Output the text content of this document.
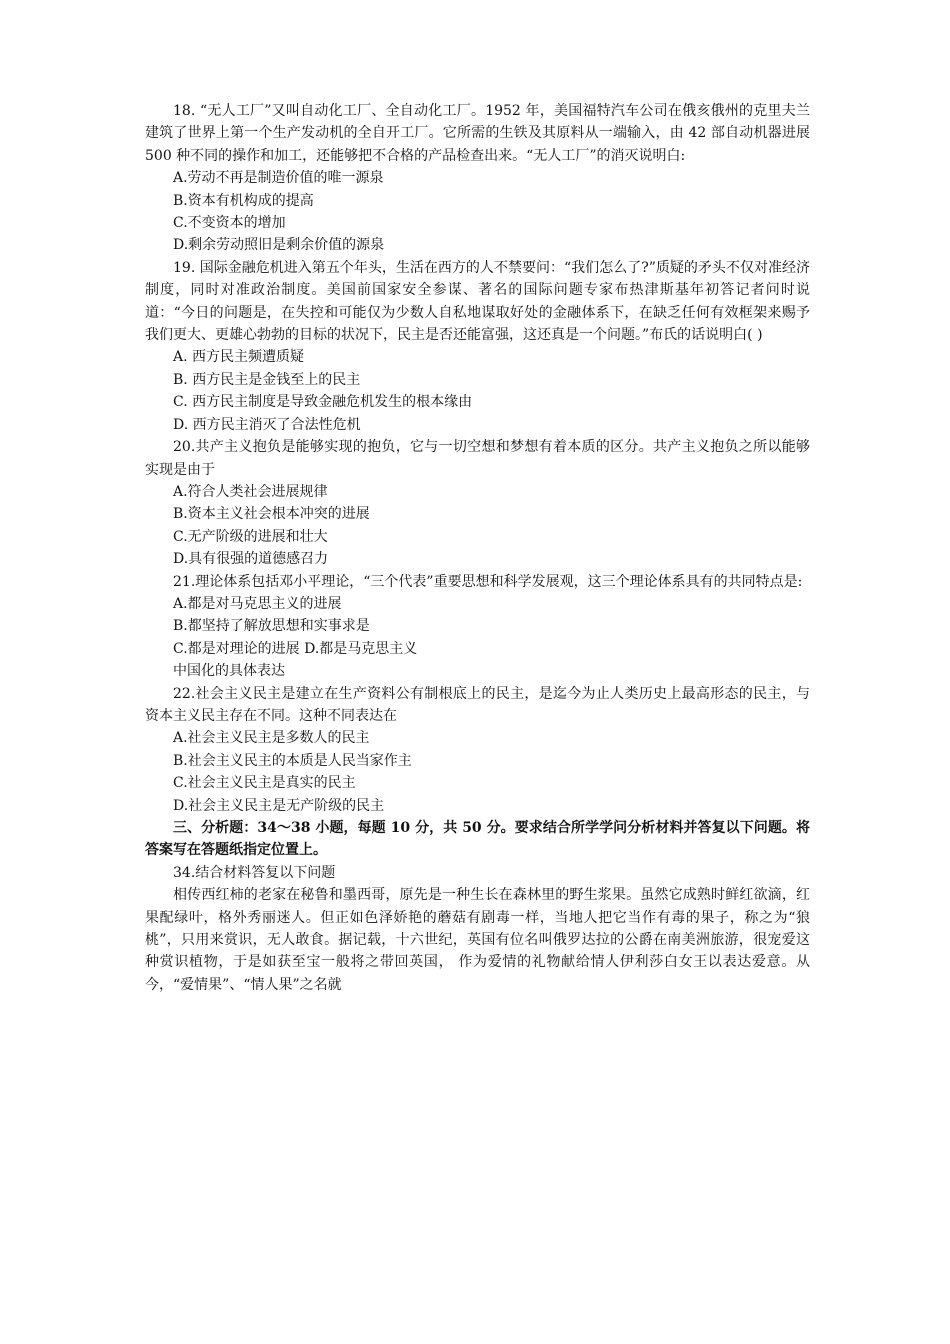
18. “无人工厂”又叫自动化工厂、全自动化工厂。1952 年，美国福特汽车公司在俄亥俄州的克里夫兰建筑了世界上第一个生产发动机的全自开工厂。它所需的生铁及其原料从一端输入，由 42 部自动机器进展 500 种不同的操作和加工，还能够把不合格的产品检查出来。“无人工厂”的消灭说明白:

A.劳动不再是制造价值的唯一源泉

B.资本有机构成的提高

C.不变资本的增加

D.剩余劳动照旧是剩余价值的源泉

19. 国际金融危机进入第五个年头，生活在西方的人不禁要问：“我们怎么了?”质疑的矛头不仅对准经济制度，同时对准政治制度。美国前国家安全参谋、著名的国际问题专家布热津斯基年初答记者问时说道：“今日的问题是，在失控和可能仅为少数人自私地谋取好处的金融体系下，在缺乏任何有效框架来赐予我们更大、更雄心勃勃的目标的状况下，民主是否还能富强，这还真是一个问题。”布氏的话说明白( )

A. 西方民主频遭质疑

B. 西方民主是金钱至上的民主

C. 西方民主制度是导致金融危机发生的根本缘由

D. 西方民主消灭了合法性危机

20.共产主义抱负是能够实现的抱负，它与一切空想和梦想有着本质的区分。共产主义抱负之所以能够实现是由于

A.符合人类社会进展规律

B.资本主义社会根本冲突的进展

C.无产阶级的进展和壮大

D.具有很强的道德感召力

21.理论体系包括邓小平理论，“三个代表”重要思想和科学发展观，这三个理论体系具有的共同特点是:

A.都是对马克思主义的进展

B.都坚持了解放思想和实事求是

C.都是对理论的进展 D.都是马克思主义

中国化的具体表达

22.社会主义民主是建立在生产资料公有制根底上的民主，是迄今为止人类历史上最高形态的民主，与资本主义民主存在不同。这种不同表达在

A.社会主义民主是多数人的民主

B.社会主义民主的本质是人民当家作主

C.社会主义民主是真实的民主

D.社会主义民主是无产阶级的民主

三、分析题：34～38 小题，每题 10 分，共 50 分。要求结合所学学问分析材料并答复以下问题。将答案写在答题纸指定位置上。

34.结合材料答复以下问题

相传西红柿的老家在秘鲁和墨西哥，原先是一种生长在森林里的野生浆果。虽然它成熟时鲜红欲滴，红果配绿叶，格外秀丽迷人。但正如色泽娇艳的蘑菇有剧毒一样，当地人把它当作有毒的果子，称之为“狼桃”，只用来赏识，无人敢食。据记载，十六世纪，英国有位名叫俄罗达拉的公爵在南美洲旅游，很宠爱这种赏识植物，于是如获至宝一般将之带回英国， 作为爱情的礼物献给情人伊利莎白女王以表达爱意。从今，“爱情果”、“情人果”之名就
